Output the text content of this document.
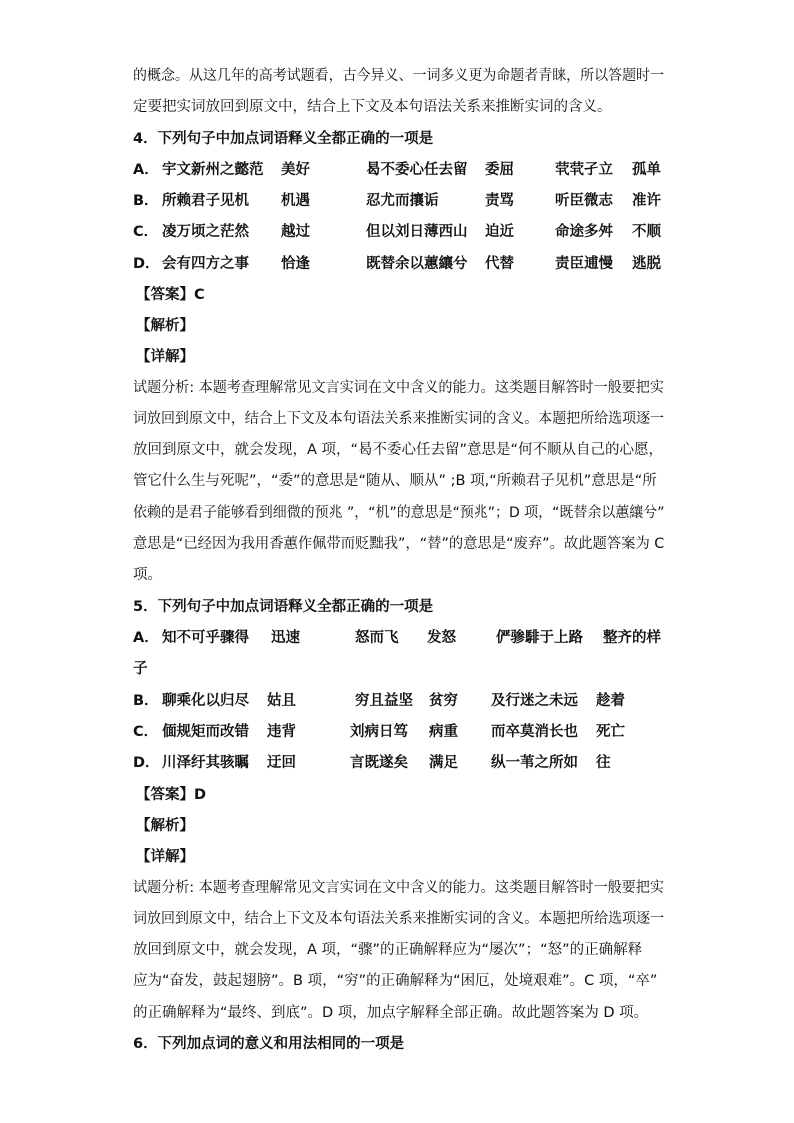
的概念。从这几年的高考试题看，古今异义、一词多义更为命题者青睐，所以答题时一
定要把实词放回到原文中，结合上下文及本句语法关系来推断实词的含义。
4．下列句子中加点词语释义全都正确的一项是
A． 宇文新州之懿范 美好	曷不委心任去留 委屈	茕茕孑立 孤单
B． 所赖君子见机 机遇	忍尤而攘诟	责骂	听臣微志 准许
C． 凌万顷之茫然 越过	但以刘日薄西山 迫近	命途多舛 不顺
D． 会有四方之事 恰逢	既替余以蕙纕兮 代替	责臣逋慢 逃脱
【答案】C
【解析】
【详解】
试题分析: 本题考查理解常见文言实词在文中含义的能力。这类题目解答时一般要把实
词放回到原文中，结合上下文及本句语法关系来推断实词的含义。本题把所给选项逐一
放回到原文中，就会发现，A 项，“曷不委心任去留”意思是“何不顺从自己的心愿，
管它什么生与死呢”，“委”的意思是“随从、顺从” ;B 项,“所赖君子见机”意思是“所
依赖的是君子能够看到细微的预兆 ”，“机”的意思是“预兆”；D 项，“既替余以蕙纕兮”
意思是“已经因为我用香蕙作佩带而贬黜我”，“替”的意思是“废弃”。故此题答案为 C
项。
5．下列句子中加点词语释义全都正确的一项是
A． 知不可乎骤得 迅速	怒而飞 发怒	俨骖騑于上路 整齐的样
子
B． 聊乘化以归尽 姑且	穷且益坚 贫穷 及行迷之未远 趁着
C． 偭规矩而改错 违背	刘病日笃 病重 而卒莫消长也 死亡
D． 川泽纡其骇瞩 迂回	言既遂矣 满足 纵一苇之所如 往
【答案】D
【解析】
【详解】
试题分析: 本题考查理解常见文言实词在文中含义的能力。这类题目解答时一般要把实
词放回到原文中，结合上下文及本句语法关系来推断实词的含义。本题把所给选项逐一
放回到原文中，就会发现，A 项，“骤”的正确解释应为“屡次”；“怒”的正确解释
应为“奋发，鼓起翅膀”。B 项，“穷”的正确解释为“困厄，处境艰难”。C 项，“卒”
的正确解释为“最终、到底”。D 项，加点字解释全部正确。故此题答案为 D 项。
6．下列加点词的意义和用法相同的一项是
